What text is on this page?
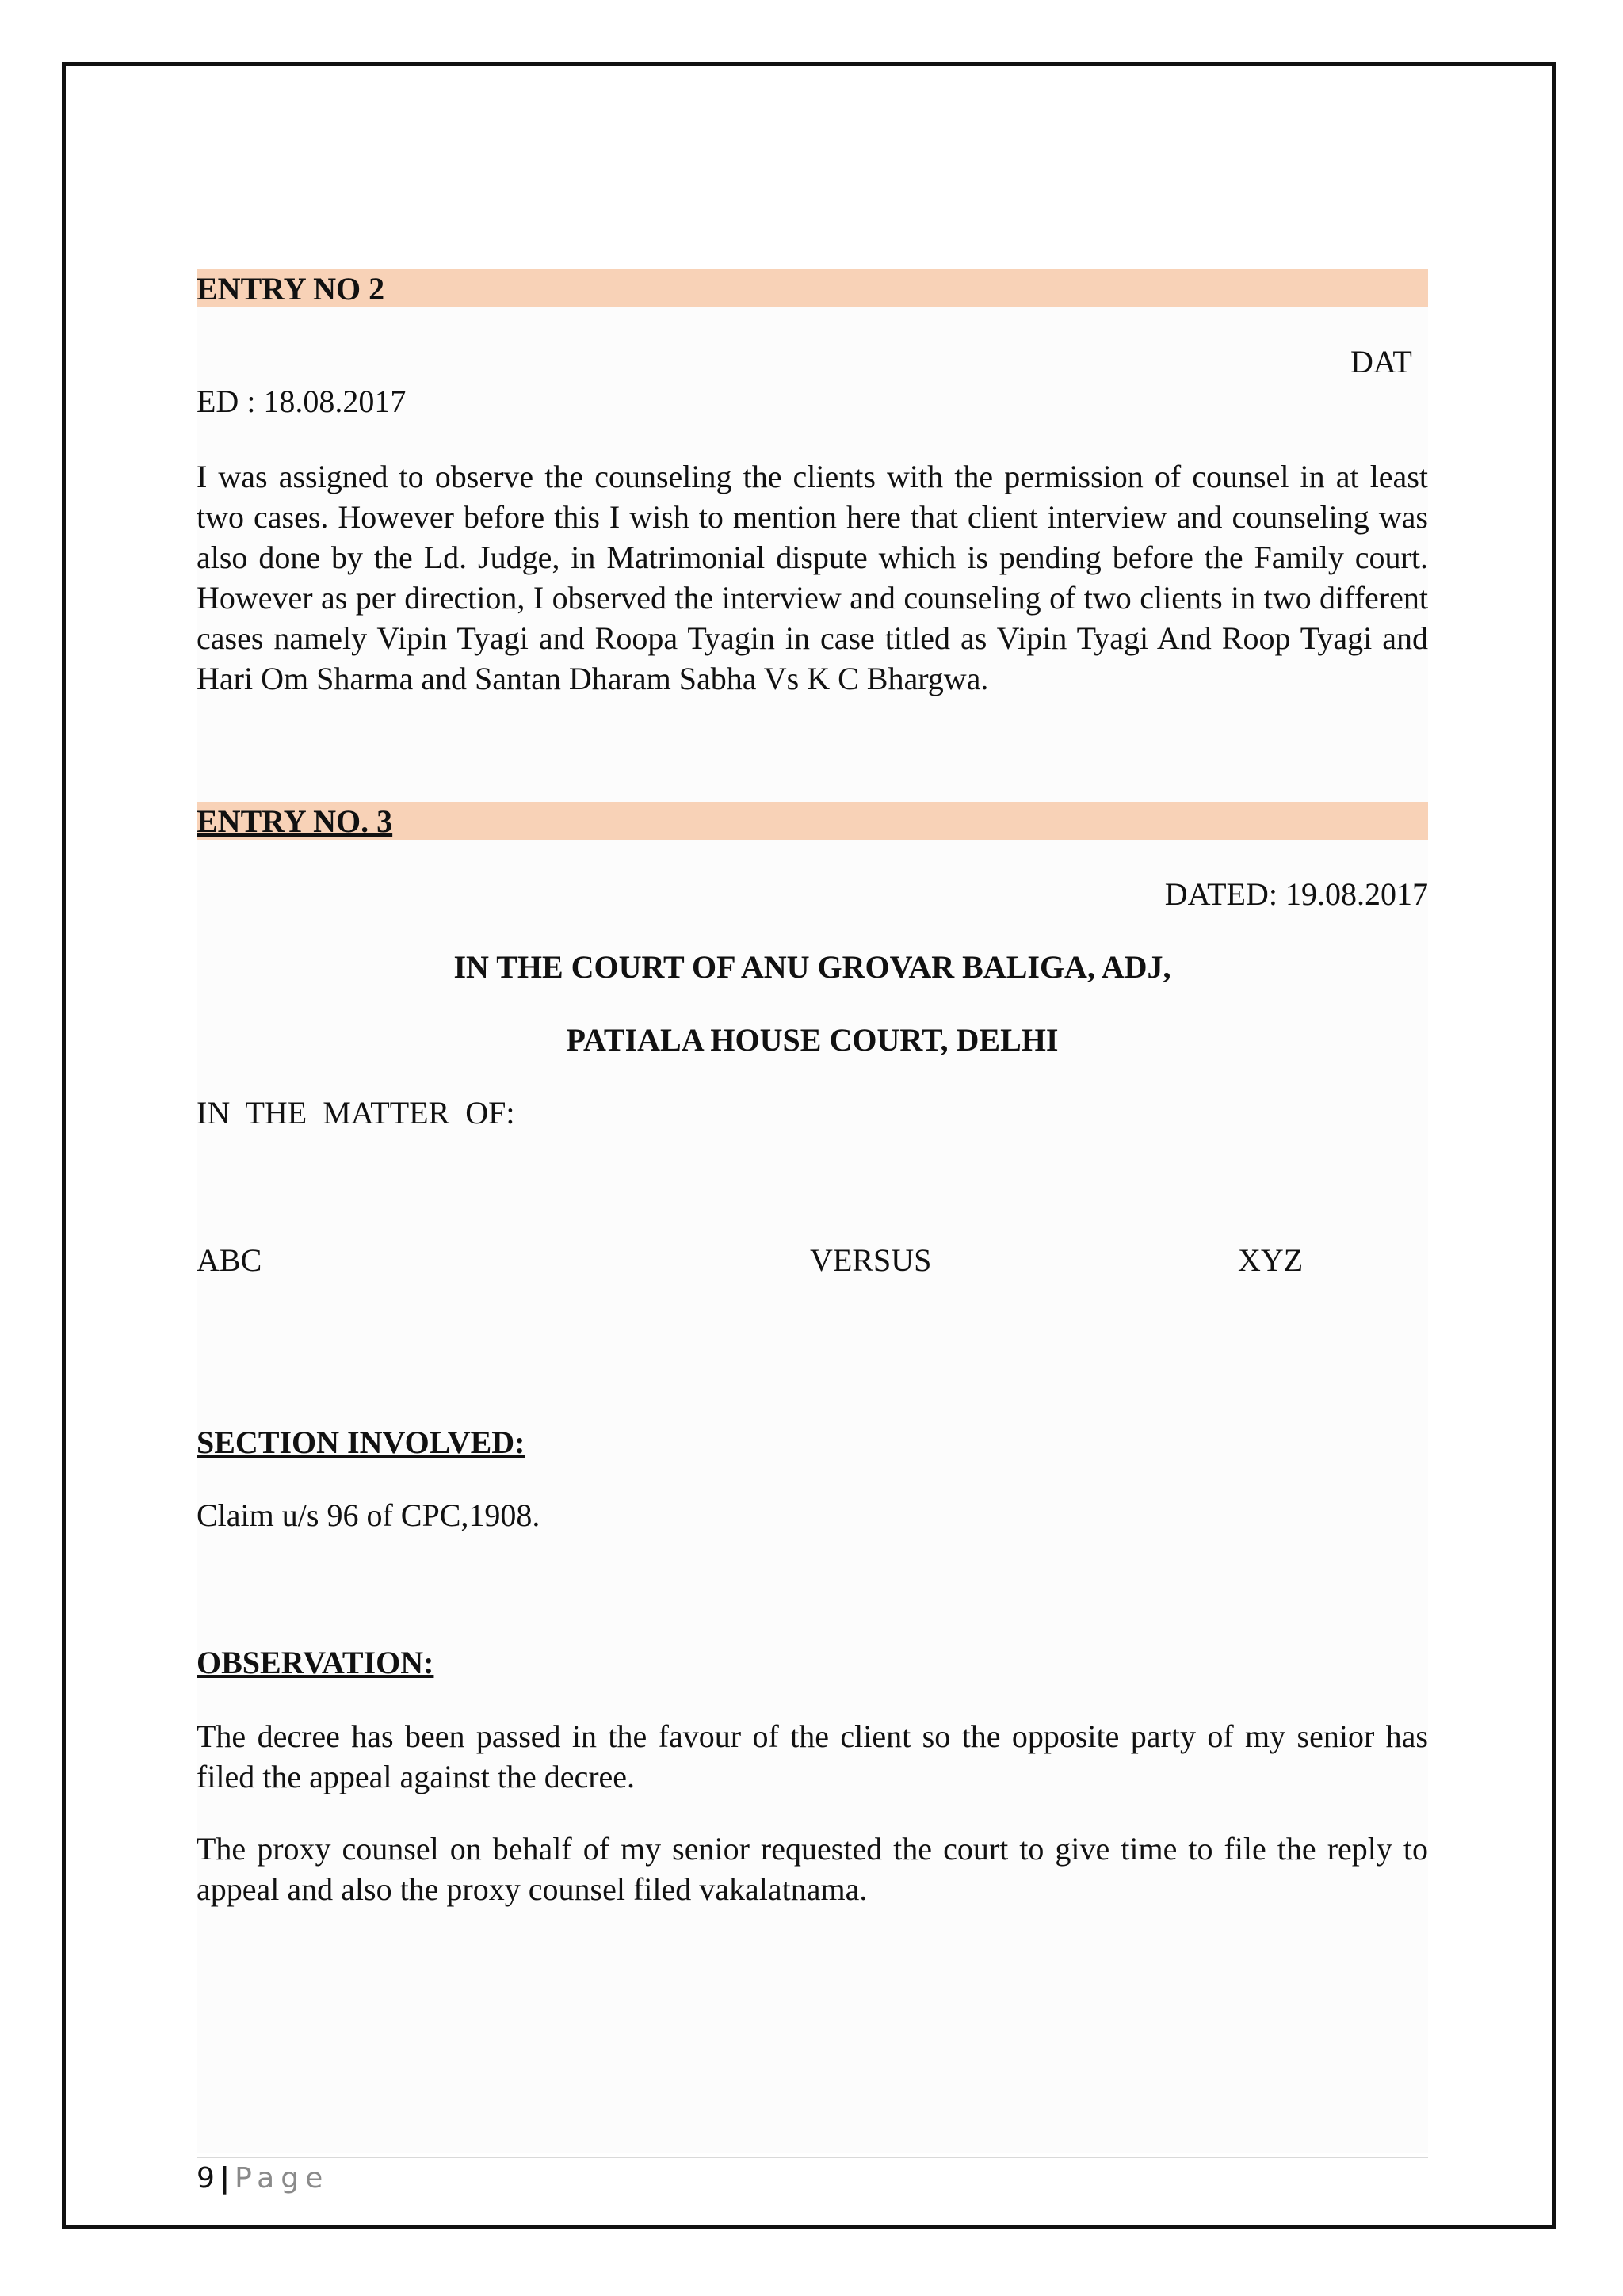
ENTRY NO 2
DAT
ED : 18.08.2017
I was assigned to observe the counseling the clients with the permission of counsel in at least two cases. However before this I wish to mention here that client interview and counseling was also done by the Ld. Judge, in Matrimonial dispute which is pending before the Family court. However as per direction, I observed the interview and counseling of two clients in two different cases namely Vipin Tyagi and Roopa Tyagin in case titled as Vipin Tyagi And Roop Tyagi and Hari Om Sharma and Santan Dharam Sabha Vs K C Bhargwa.
ENTRY NO. 3
DATED: 19.08.2017
IN THE COURT OF ANU GROVAR BALIGA, ADJ,
PATIALA HOUSE COURT, DELHI
IN  THE  MATTER  OF:
ABC	VERSUS	XYZ
SECTION INVOLVED:
Claim u/s 96 of CPC,1908.
OBSERVATION:
The decree has been passed in the favour of the client so the opposite party of my senior has filed the appeal against the decree.
The proxy counsel on behalf of my senior requested the court to give time to file the reply to appeal and also the proxy counsel filed vakalatnama.
9 | Page
